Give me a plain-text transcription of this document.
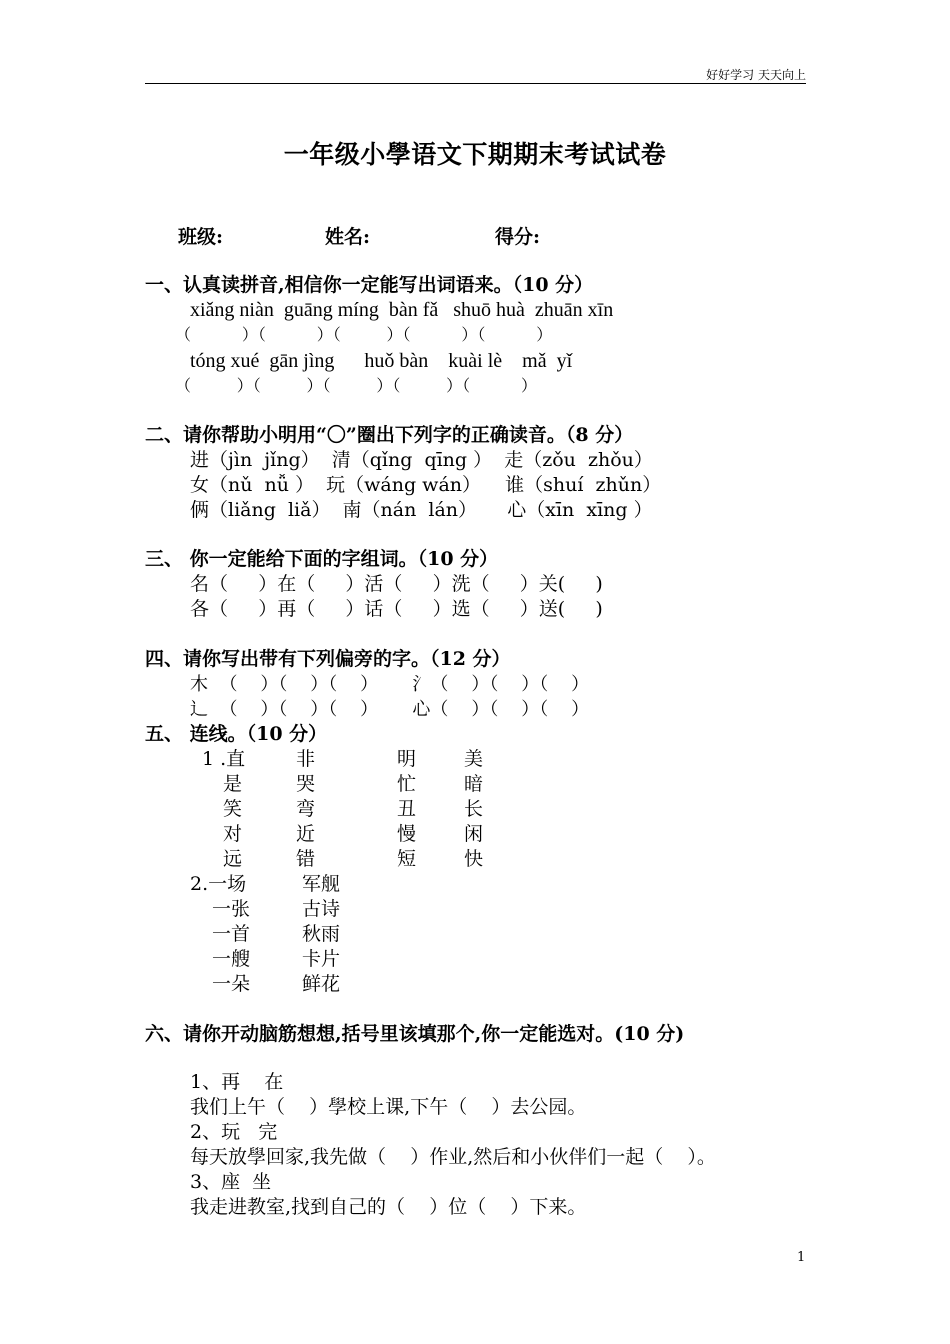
好好学习 天天向上
一年级小學语文下期期末考试试卷
班级:	姓名:	得分:
一、认真读拼音,相信你一定能写出词语来。（10 分）
xiǎng niàn  guāng míng  bàn fǎ   shuō huà  zhuān xīn
（          ）（          ）（         ）（          ）（          ）
tóng xué  gān jìng      huǒ bàn    kuài lè    mǎ  yǐ
（         ）（         ）（         ）（         ）（          ）
二、请你帮助小明用“〇”圈出下列字的正确读音。（8 分）
进（jìn  jǐng）  清（qǐng  qīng ）  走（zǒu  zhǒu）
女（nǔ  nǚ ）  玩（wáng wán）    谁（shuí  zhǔn）
俩（liǎng  liǎ）  南（nán  lán）     心（xīn  xīng ）
三、 你一定能给下面的字组词。（10 分）
名（     ）在（     ）活（     ）洗（     ）关(     )
各（     ）再（     ）话（     ）选（     ）送(     )
四、请你写出带有下列偏旁的字。（12 分）
木  （    ）（    ）（    ）      氵（    ）（    ）（    ）
辶  （    ）（    ）（    ）      心（    ）（    ）（    ）
五、 连线。（10 分）
1 .直
是
笑
对
远
非
哭
弯
近
错
明
忙
丑
慢
短
美
暗
长
闲
快
2.一场
一张
一首
一艘
一朵
军舰
古诗
秋雨
卡片
鲜花
六、请你开动脑筋想想,括号里该填那个,你一定能选对。(10 分)
1、再    在
我们上午（    ）學校上课,下午（    ）去公园。
2、玩   完
每天放學回家,我先做（    ）作业,然后和小伙伴们一起（    ）。
3、座  坐
我走进教室,找到自己的（    ）位（    ）下来。
1
